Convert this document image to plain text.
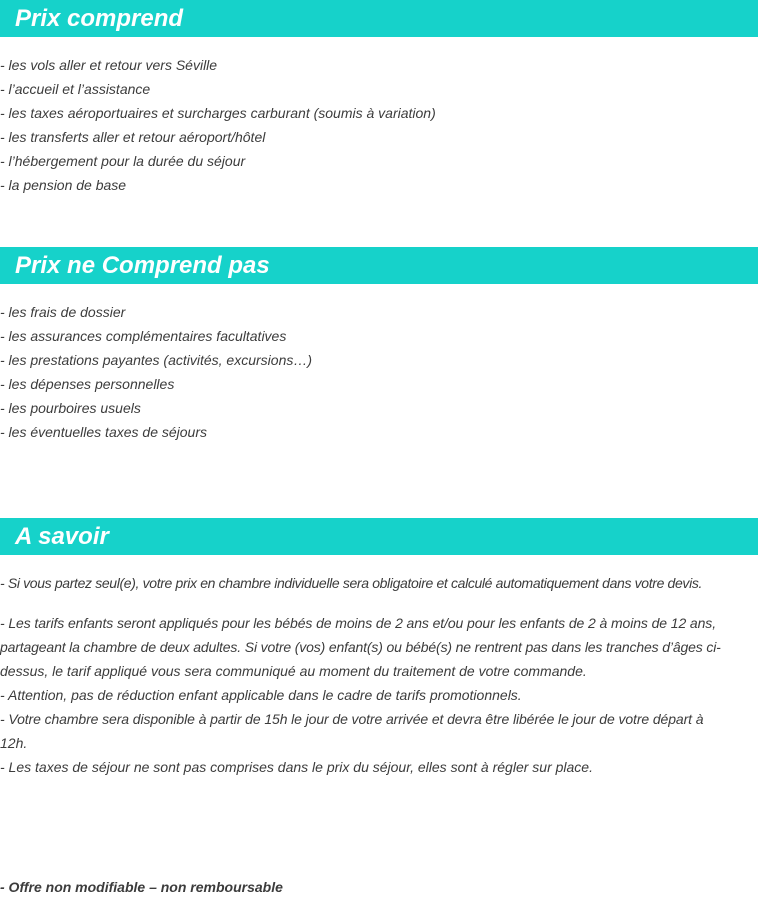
Prix comprend
- les vols aller et retour vers Séville
- l’accueil et l’assistance
- les taxes aéroportuaires et surcharges carburant (soumis à variation)
- les transferts aller et retour aéroport/hôtel
- l’hébergement pour la durée du séjour
- la pension de base
Prix ne Comprend pas
- les frais de dossier
- les assurances complémentaires facultatives
- les prestations payantes (activités, excursions…)
- les dépenses personnelles
- les pourboires usuels
- les éventuelles taxes de séjours
A savoir

- Si vous partez seul(e), votre prix en chambre individuelle sera obligatoire et calculé automatiquement dans votre devis.

- Les tarifs enfants seront appliqués pour les bébés de moins de 2 ans et/ou pour les enfants de 2 à moins de 12 ans,
partageant la chambre de deux adultes. Si votre (vos) enfant(s) ou bébé(s) ne rentrent pas dans les tranches d’âges ci-
dessus, le tarif appliqué vous sera communiqué au moment du traitement de votre commande.
- Attention, pas de réduction enfant applicable dans le cadre de tarifs promotionnels.
- Votre chambre sera disponible à partir de 15h le jour de votre arrivée et devra être libérée le jour de votre départ à
12h.
- Les taxes de séjour ne sont pas comprises dans le prix du séjour, elles sont à régler sur place.

- Offre non modifiable – non remboursable
